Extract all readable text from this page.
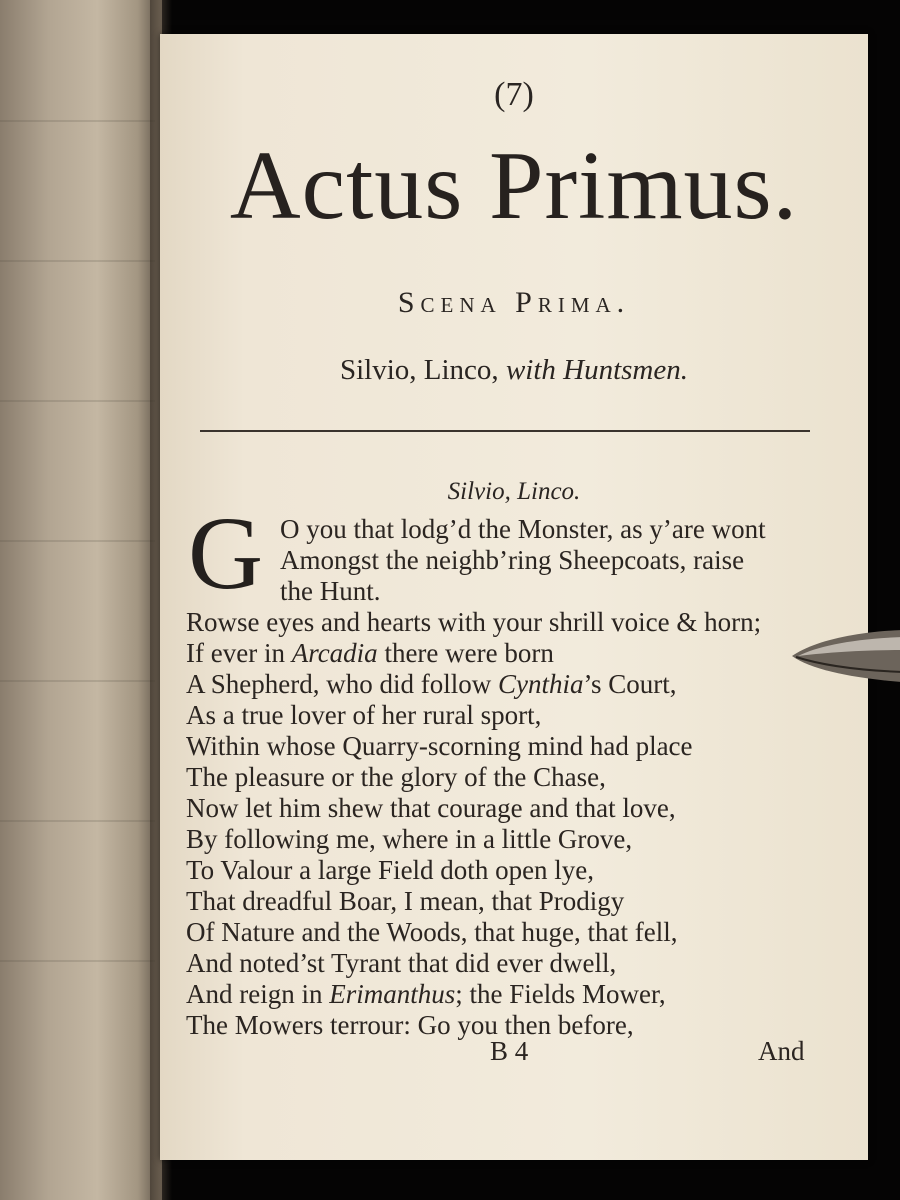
(7)
Actus Primus.
Scena Prima.
Silvio, Linco, with Huntsmen.
Silvio, Linco.
G O you that lodg’d the Monster, as y’are wont
Amongst the neighb’ring Sheepcoats, raise
the Hunt.
Rowse eyes and hearts with your shrill voice & horn;
If ever in Arcadia there were born
A Shepherd, who did follow Cynthia’s Court,
As a true lover of her rural sport,
Within whose Quarry-scorning mind had place
The pleasure or the glory of the Chase,
Now let him shew that courage and that love,
By following me, where in a little Grove,
To Valour a large Field doth open lye,
That dreadful Boar, I mean, that Prodigy
Of Nature and the Woods, that huge, that fell,
And noted’st Tyrant that did ever dwell,
And reign in Erimanthus; the Fields Mower,
The Mowers terrour: Go you then before,
B 4	And
